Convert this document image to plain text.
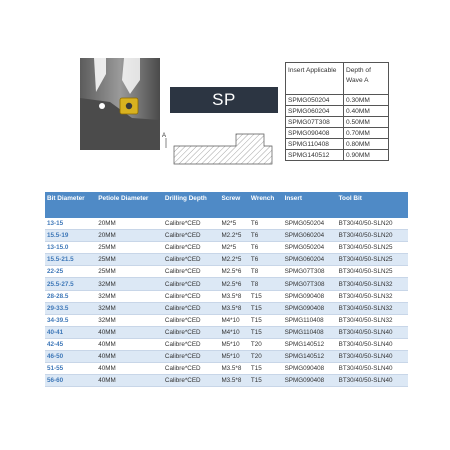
SP
Insert Applicable	Depth of Wave A
SPMG050204	0.30MM
SPMG060204	0.40MM
SPMG07T308	0.50MM
SPMG090408	0.70MM
SPMG110408	0.80MM
SPMG140512	0.90MM
A
Bit Diameter	Petiole Diameter	Drilling Depth	Screw	Wrench	Insert	Tool Bit
13-15	20MM	Calibre*CED	M2*5	T6	SPMG050204	BT30/40/50-SLN20
15.5-19	20MM	Calibre*CED	M2.2*5	T6	SPMG060204	BT30/40/50-SLN20
13-15.0	25MM	Calibre*CED	M2*5	T6	SPMG050204	BT30/40/50-SLN25
15.5-21.5	25MM	Calibre*CED	M2.2*5	T6	SPMG060204	BT30/40/50-SLN25
22-25	25MM	Calibre*CED	M2.5*6	T8	SPMG07T308	BT30/40/50-SLN25
25.5-27.5	32MM	Calibre*CED	M2.5*6	T8	SPMG07T308	BT30/40/50-SLN32
28-28.5	32MM	Calibre*CED	M3.5*8	T15	SPMG090408	BT30/40/50-SLN32
29-33.5	32MM	Calibre*CED	M3.5*8	T15	SPMG090408	BT30/40/50-SLN32
34-39.5	32MM	Calibre*CED	M4*10	T15	SPMG110408	BT30/40/50-SLN32
40-41	40MM	Calibre*CED	M4*10	T15	SPMG110408	BT30/40/50-SLN40
42-45	40MM	Calibre*CED	M5*10	T20	SPMG140512	BT30/40/50-SLN40
46-50	40MM	Calibre*CED	M5*10	T20	SPMG140512	BT30/40/50-SLN40
51-55	40MM	Calibre*CED	M3.5*8	T15	SPMG090408	BT30/40/50-SLN40
56-60	40MM	Calibre*CED	M3.5*8	T15	SPMG090408	BT30/40/50-SLN40
